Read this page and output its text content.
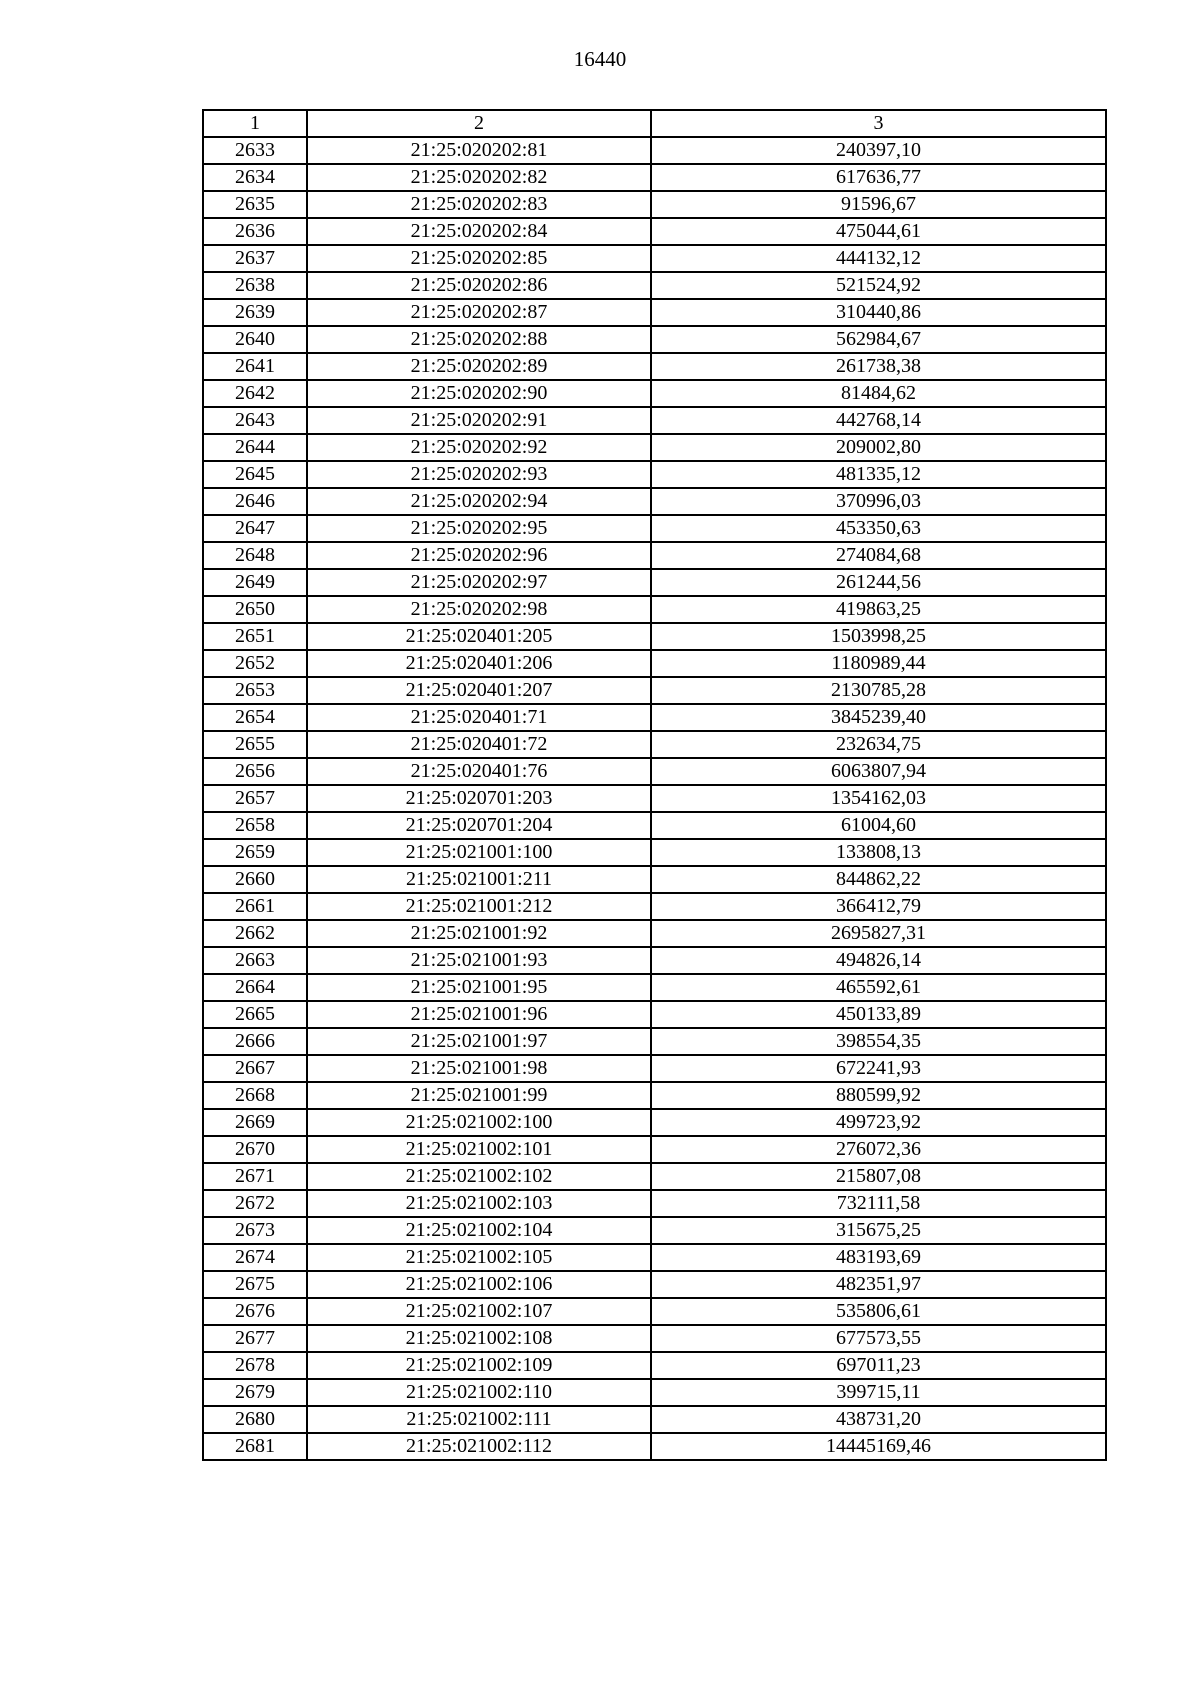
16440
1	2	3
2633	21:25:020202:81	240397,10
2634	21:25:020202:82	617636,77
2635	21:25:020202:83	91596,67
2636	21:25:020202:84	475044,61
2637	21:25:020202:85	444132,12
2638	21:25:020202:86	521524,92
2639	21:25:020202:87	310440,86
2640	21:25:020202:88	562984,67
2641	21:25:020202:89	261738,38
2642	21:25:020202:90	81484,62
2643	21:25:020202:91	442768,14
2644	21:25:020202:92	209002,80
2645	21:25:020202:93	481335,12
2646	21:25:020202:94	370996,03
2647	21:25:020202:95	453350,63
2648	21:25:020202:96	274084,68
2649	21:25:020202:97	261244,56
2650	21:25:020202:98	419863,25
2651	21:25:020401:205	1503998,25
2652	21:25:020401:206	1180989,44
2653	21:25:020401:207	2130785,28
2654	21:25:020401:71	3845239,40
2655	21:25:020401:72	232634,75
2656	21:25:020401:76	6063807,94
2657	21:25:020701:203	1354162,03
2658	21:25:020701:204	61004,60
2659	21:25:021001:100	133808,13
2660	21:25:021001:211	844862,22
2661	21:25:021001:212	366412,79
2662	21:25:021001:92	2695827,31
2663	21:25:021001:93	494826,14
2664	21:25:021001:95	465592,61
2665	21:25:021001:96	450133,89
2666	21:25:021001:97	398554,35
2667	21:25:021001:98	672241,93
2668	21:25:021001:99	880599,92
2669	21:25:021002:100	499723,92
2670	21:25:021002:101	276072,36
2671	21:25:021002:102	215807,08
2672	21:25:021002:103	732111,58
2673	21:25:021002:104	315675,25
2674	21:25:021002:105	483193,69
2675	21:25:021002:106	482351,97
2676	21:25:021002:107	535806,61
2677	21:25:021002:108	677573,55
2678	21:25:021002:109	697011,23
2679	21:25:021002:110	399715,11
2680	21:25:021002:111	438731,20
2681	21:25:021002:112	14445169,46
